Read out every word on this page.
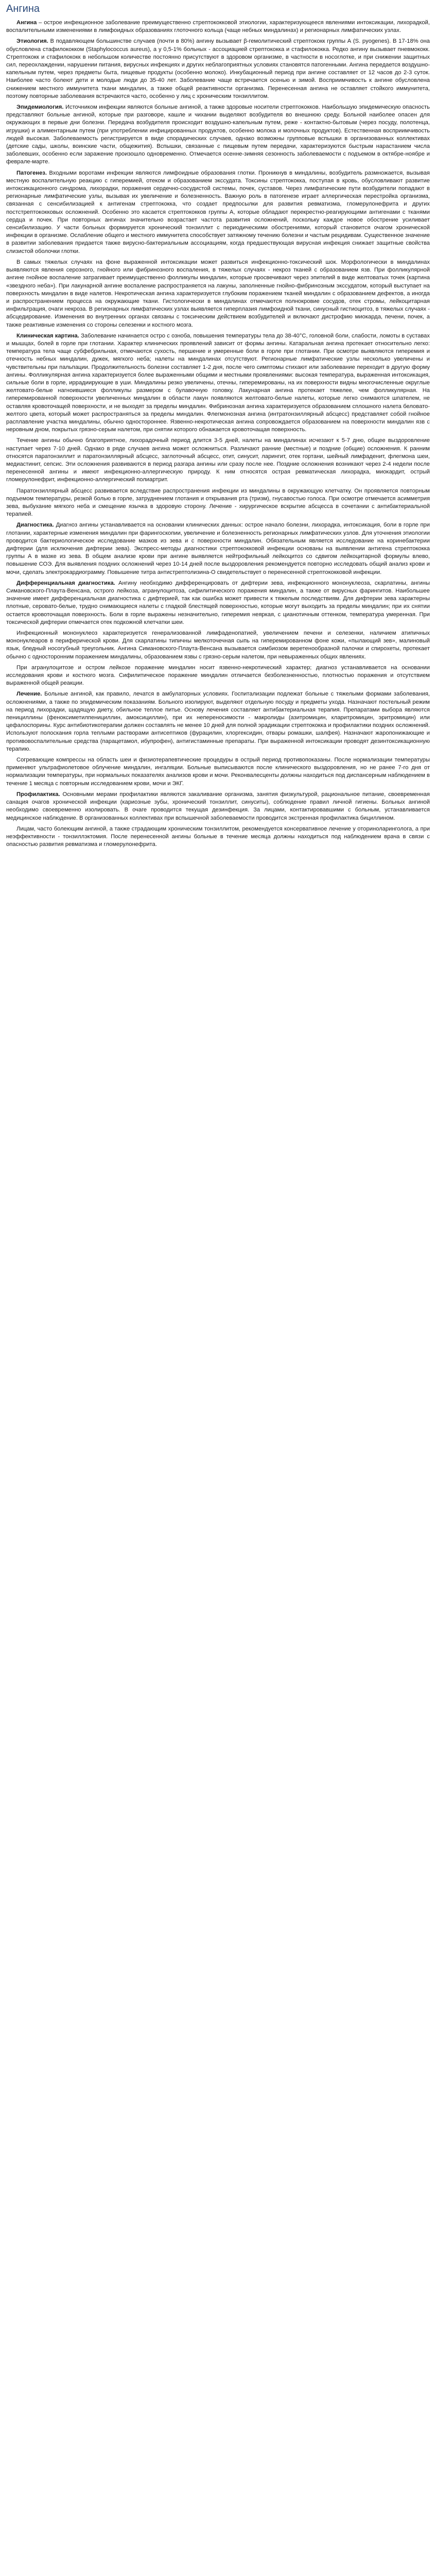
Ангина

Ангина – острое инфекционное заболевание преимущественно стрептококковой этиологии, характеризующееся явлениями интоксикации, лихорадкой, воспалительными изменениями в лимфоидных образованиях глоточного кольца (чаще небных миндалинах) и регионарных лимфатических узлах.

Этиология. В подавляющем большинстве случаев (почти в 80%) ангину вызывает β-гемолитический стрептококк группы А (S. pyogenes). В 17-18% она обусловлена стафилококком (Staphylococcus aureus), а у 0,5-1% больных - ассоциацией стрептококка и стафилококка. Редко ангину вызывает пневмококк. Стрептококк и стафилококк в небольшом количестве постоянно присутствуют в здоровом организме, в частности в носоглотке, и при снижении защитных сил, переохлаждении, нарушении питания, вирусных инфекциях и других неблагоприятных условиях становятся патогенными. Ангина передается воздушно-капельным путем, через предметы быта, пищевые продукты (особенно молоко). Инкубационный период при ангине составляет от 12 часов до 2-3 суток. Наиболее часто болеют дети и молодые люди до 35-40 лет. Заболевание чаще встречается осенью и зимой. Восприимчивость к ангине обусловлена снижением местного иммунитета ткани миндалин, а также общей реактивности организма. Перенесенная ангина не оставляет стойкого иммунитета, поэтому повторные заболевания встречаются часто, особенно у лиц с хроническим тонзиллитом.

Эпидемиология. Источником инфекции являются больные ангиной, а также здоровые носители стрептококков. Наибольшую эпидемическую опасность представляют больные ангиной, которые при разговоре, кашле и чихании выделяют возбудителя во внешнюю среду. Больной наиболее опасен для окружающих в первые дни болезни. Передача возбудителя происходит воздушно-капельным путем, реже - контактно-бытовым (через посуду, полотенца, игрушки) и алиментарным путем (при употреблении инфицированных продуктов, особенно молока и молочных продуктов). Естественная восприимчивость людей высокая. Заболеваемость регистрируется в виде спорадических случаев, однако возможны групповые вспышки в организованных коллективах (детские сады, школы, воинские части, общежития). Вспышки, связанные с пищевым путем передачи, характеризуются быстрым нарастанием числа заболевших, особенно если заражение произошло одновременно. Отмечается осенне-зимняя сезонность заболеваемости с подъемом в октябре-ноябре и феврале-марте.

Патогенез. Входными воротами инфекции являются лимфоидные образования глотки. Проникнув в миндалины, возбудитель размножается, вызывая местную воспалительную реакцию с гиперемией, отеком и образованием экссудата. Токсины стрептококка, поступая в кровь, обусловливают развитие интоксикационного синдрома, лихорадки, поражения сердечно-сосудистой системы, почек, суставов. Через лимфатические пути возбудители попадают в регионарные лимфатические узлы, вызывая их увеличение и болезненность. Важную роль в патогенезе играет аллергическая перестройка организма, связанная с сенсибилизацией к антигенам стрептококка, что создает предпосылки для развития ревматизма, гломерулонефрита и других постстрептококковых осложнений. Особенно это касается стрептококков группы А, которые обладают перекрестно-реагирующими антигенами с тканями сердца и почек. При повторных ангинах значительно возрастает частота развития осложнений, поскольку каждое новое обострение усиливает сенсибилизацию. У части больных формируется хронический тонзиллит с периодическими обострениями, который становится очагом хронической инфекции в организме. Ослабление общего и местного иммунитета способствует затяжному течению болезни и частым рецидивам. Существенное значение в развитии заболевания придается также вирусно-бактериальным ассоциациям, когда предшествующая вирусная инфекция снижает защитные свойства слизистой оболочки глотки.

В самых тяжелых случаях на фоне выраженной интоксикации может развиться инфекционно-токсический шок. Морфологически в миндалинах выявляются явления серозного, гнойного или фибринозного воспаления, в тяжелых случаях - некроз тканей с образованием язв. При фолликулярной ангине гнойное воспаление затрагивает преимущественно фолликулы миндалин, которые просвечивают через эпителий в виде желтоватых точек (картина «звездного неба»). При лакунарной ангине воспаление распространяется на лакуны, заполненные гнойно-фибринозным экссудатом, который выступает на поверхность миндалин в виде налетов. Некротическая ангина характеризуется глубоким поражением тканей миндалин с образованием дефектов, а иногда и распространением процесса на окружающие ткани. Гистологически в миндалинах отмечаются полнокровие сосудов, отек стромы, лейкоцитарная инфильтрация, очаги некроза. В регионарных лимфатических узлах выявляется гиперплазия лимфоидной ткани, синусный гистиоцитоз, в тяжелых случаях - абсцедирование. Изменения во внутренних органах связаны с токсическим действием возбудителей и включают дистрофию миокарда, печени, почек, а также реактивные изменения со стороны селезенки и костного мозга.

Клиническая картина. Заболевание начинается остро с озноба, повышения температуры тела до 38-40°С, головной боли, слабости, ломоты в суставах и мышцах, болей в горле при глотании. Характер клинических проявлений зависит от формы ангины. Катаральная ангина протекает относительно легко: температура тела чаще субфебрильная, отмечаются сухость, першение и умеренные боли в горле при глотании. При осмотре выявляются гиперемия и отечность небных миндалин, дужек, мягкого неба; налеты на миндалинах отсутствуют. Регионарные лимфатические узлы несколько увеличены и чувствительны при пальпации. Продолжительность болезни составляет 1-2 дня, после чего симптомы стихают или заболевание переходит в другую форму ангины. Фолликулярная ангина характеризуется более выраженными общими и местными проявлениями: высокая температура, выраженная интоксикация, сильные боли в горле, иррадиирующие в уши. Миндалины резко увеличены, отечны, гиперемированы, на их поверхности видны многочисленные округлые желтовато-белые нагноившиеся фолликулы размером с булавочную головку. Лакунарная ангина протекает тяжелее, чем фолликулярная. На гиперемированной поверхности увеличенных миндалин в области лакун появляются желтовато-белые налеты, которые легко снимаются шпателем, не оставляя кровоточащей поверхности, и не выходят за пределы миндалин. Фибринозная ангина характеризуется образованием сплошного налета беловато-желтого цвета, который может распространяться за пределы миндалин. Флегмонозная ангина (интратонзиллярный абсцесс) представляет собой гнойное расплавление участка миндалины, обычно одностороннее. Язвенно-некротическая ангина сопровождается образованием на поверхности миндалин язв с неровным дном, покрытых грязно-серым налетом, при снятии которого обнажается кровоточащая поверхность.

Течение ангины обычно благоприятное, лихорадочный период длится 3-5 дней, налеты на миндалинах исчезают к 5-7 дню, общее выздоровление наступает через 7-10 дней. Однако в ряде случаев ангина может осложниться. Различают ранние (местные) и поздние (общие) осложнения. К ранним относятся паратонзиллит и паратонзиллярный абсцесс, заглоточный абсцесс, отит, синусит, ларингит, отек гортани, шейный лимфаденит, флегмона шеи, медиастинит, сепсис. Эти осложнения развиваются в период разгара ангины или сразу после нее. Поздние осложнения возникают через 2-4 недели после перенесенной ангины и имеют инфекционно-аллергическую природу. К ним относятся острая ревматическая лихорадка, миокардит, острый гломерулонефрит, инфекционно-аллергический полиартрит.

Паратонзиллярный абсцесс развивается вследствие распространения инфекции из миндалины в окружающую клетчатку. Он проявляется повторным подъемом температуры, резкой болью в горле, затруднением глотания и открывания рта (тризм), гнусавостью голоса. При осмотре отмечается асимметрия зева, выбухание мягкого неба и смещение язычка в здоровую сторону. Лечение - хирургическое вскрытие абсцесса в сочетании с антибактериальной терапией.

Диагностика. Диагноз ангины устанавливается на основании клинических данных: острое начало болезни, лихорадка, интоксикация, боли в горле при глотании, характерные изменения миндалин при фарингоскопии, увеличение и болезненность регионарных лимфатических узлов. Для уточнения этиологии проводится бактериологическое исследование мазков из зева и с поверхности миндалин. Обязательным является исследование на коринебактерии дифтерии (для исключения дифтерии зева). Экспресс-методы диагностики стрептококковой инфекции основаны на выявлении антигена стрептококка группы А в мазке из зева. В общем анализе крови при ангине выявляется нейтрофильный лейкоцитоз со сдвигом лейкоцитарной формулы влево, повышение СОЭ. Для выявления поздних осложнений через 10-14 дней после выздоровления рекомендуется повторно исследовать общий анализ крови и мочи, сделать электрокардиограмму. Повышение титра антистрептолизина-О свидетельствует о перенесенной стрептококковой инфекции.

Дифференциальная диагностика. Ангину необходимо дифференцировать от дифтерии зева, инфекционного мононуклеоза, скарлатины, ангины Симановского-Плаута-Венсана, острого лейкоза, агранулоцитоза, сифилитического поражения миндалин, а также от вирусных фарингитов. Наибольшее значение имеет дифференциальная диагностика с дифтерией, так как ошибка может привести к тяжелым последствиям. Для дифтерии зева характерны плотные, серовато-белые, трудно снимающиеся налеты с гладкой блестящей поверхностью, которые могут выходить за пределы миндалин; при их снятии остается кровоточащая поверхность. Боли в горле выражены незначительно, гиперемия неяркая, с цианотичным оттенком, температура умеренная. При токсической дифтерии отмечается отек подкожной клетчатки шеи.

Инфекционный мононуклеоз характеризуется генерализованной лимфаденопатией, увеличением печени и селезенки, наличием атипичных мононуклеаров в периферической крови. Для скарлатины типичны мелкоточечная сыпь на гиперемированном фоне кожи, «пылающий зев», малиновый язык, бледный носогубный треугольник. Ангина Симановского-Плаута-Венсана вызывается симбиозом веретенообразной палочки и спирохеты, протекает обычно с односторонним поражением миндалины, образованием язвы с грязно-серым налетом, при невыраженных общих явлениях.

При агранулоцитозе и остром лейкозе поражение миндалин носит язвенно-некротический характер; диагноз устанавливается на основании исследования крови и костного мозга. Сифилитическое поражение миндалин отличается безболезненностью, плотностью поражения и отсутствием выраженной общей реакции.

Лечение. Больные ангиной, как правило, лечатся в амбулаторных условиях. Госпитализации подлежат больные с тяжелыми формами заболевания, осложнениями, а также по эпидемическим показаниям. Больного изолируют, выделяют отдельную посуду и предметы ухода. Назначают постельный режим на период лихорадки, щадящую диету, обильное теплое питье. Основу лечения составляет антибактериальная терапия. Препаратами выбора являются пенициллины (феноксиметилпенициллин, амоксициллин), при их непереносимости - макролиды (азитромицин, кларитромицин, эритромицин) или цефалоспорины. Курс антибиотикотерапии должен составлять не менее 10 дней для полной эрадикации стрептококка и профилактики поздних осложнений. Используют полоскания горла теплыми растворами антисептиков (фурацилин, хлоргексидин, отвары ромашки, шалфея). Назначают жаропонижающие и противовоспалительные средства (парацетамол, ибупрофен), антигистаминные препараты. При выраженной интоксикации проводят дезинтоксикационную терапию.

Согревающие компрессы на область шеи и физиотерапевтические процедуры в острый период противопоказаны. После нормализации температуры применяют ультрафиолетовое облучение миндалин, ингаляции. Больные выписываются после клинического выздоровления, но не ранее 7-го дня от нормализации температуры, при нормальных показателях анализов крови и мочи. Реконвалесценты должны находиться под диспансерным наблюдением в течение 1 месяца с повторным исследованием крови, мочи и ЭКГ.

Профилактика. Основными мерами профилактики являются закаливание организма, занятия физкультурой, рациональное питание, своевременная санация очагов хронической инфекции (кариозные зубы, хронический тонзиллит, синуситы), соблюдение правил личной гигиены. Больных ангиной необходимо своевременно изолировать. В очаге проводится текущая дезинфекция. За лицами, контактировавшими с больным, устанавливается медицинское наблюдение. В организованных коллективах при вспышечной заболеваемости проводится экстренная профилактика бициллином.

Лицам, часто болеющим ангиной, а также страдающим хроническим тонзиллитом, рекомендуется консервативное лечение у оториноларинголога, а при неэффективности - тонзиллэктомия. После перенесенной ангины больные в течение месяца должны находиться под наблюдением врача в связи с опасностью развития ревматизма и гломерулонефрита.
